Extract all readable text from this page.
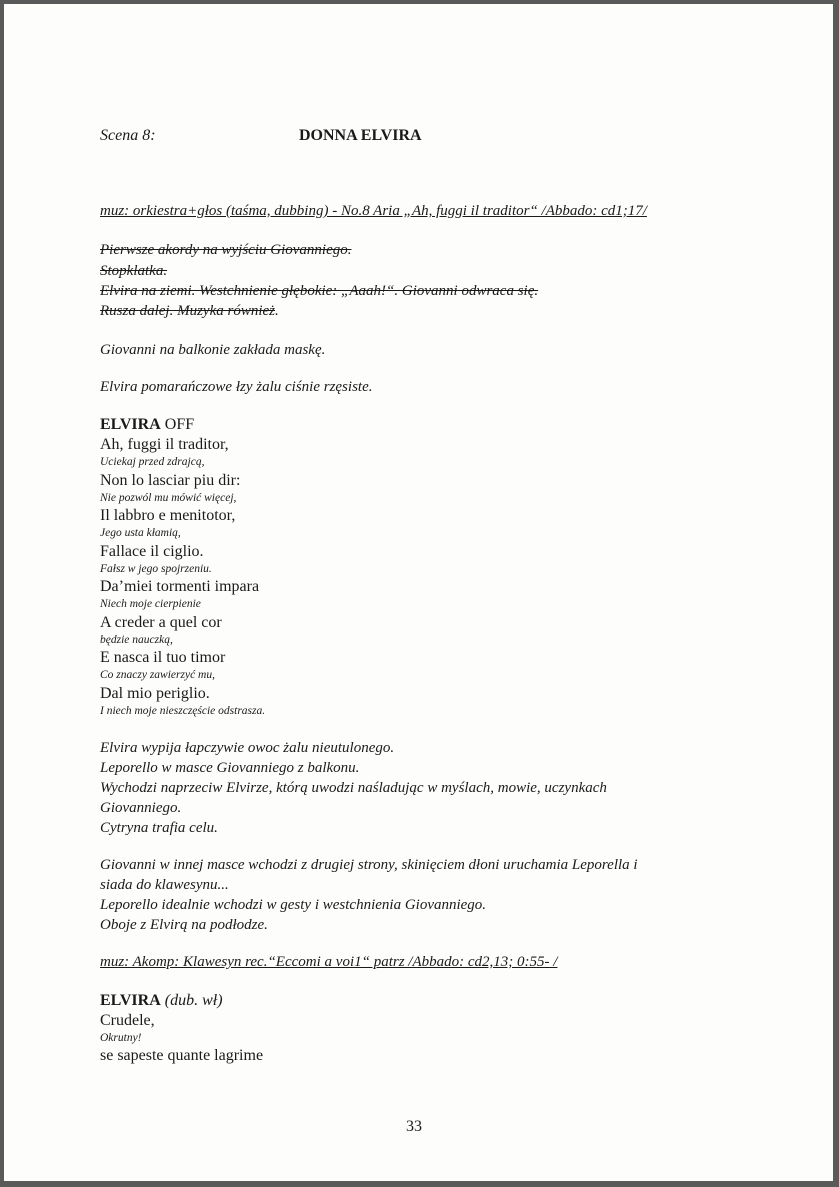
Scena 8:	DONNA ELVIRA
muz: orkiestra+głos (taśma, dubbing) - No.8 Aria „Ah, fuggi il traditor“ /Abbado: cd1;17/
Pierwsze akordy na wyjściu Giovanniego.
Stopklatka.
Elvira na ziemi. Westchnienie głębokie: „Aaah!“. Giovanni odwraca się.
Rusza dalej. Muzyka również.
Giovanni na balkonie zakłada maskę.
Elvira pomarańczowe łzy żalu ciśnie rzęsiste.
ELVIRA OFF
Ah, fuggi il traditor,
Uciekaj przed zdrajcą,
Non lo lasciar piu dir:
Nie pozwól mu mówić więcej,
Il labbro e menitotor,
Jego usta kłamią,
Fallace il ciglio.
Fałsz w jego spojrzeniu.
Da’miei tormenti impara
Niech moje cierpienie
A creder a quel cor
będzie nauczką,
E nasca il tuo timor
Co znaczy zawierzyć mu,
Dal mio periglio.
I niech moje nieszczęście odstrasza.
Elvira wypija łapczywie owoc żalu nieutulonego.
Leporello w masce Giovanniego z balkonu.
Wychodzi naprzeciw Elvirze, którą uwodzi naśladując w myślach, mowie, uczynkach
Giovanniego.
Cytryna trafia celu.
Giovanni w innej masce wchodzi z drugiej strony, skinięciem dłoni uruchamia Leporella i
siada do klawesynu...
Leporello idealnie wchodzi w gesty i westchnienia Giovanniego.
Oboje z Elvirą na podłodze.
muz: Akomp: Klawesyn rec.“Eccomi a voi1“ patrz /Abbado: cd2,13; 0:55- /
ELVIRA (dub. wł)
Crudele,
Okrutny!
se sapeste quante lagrime
33
